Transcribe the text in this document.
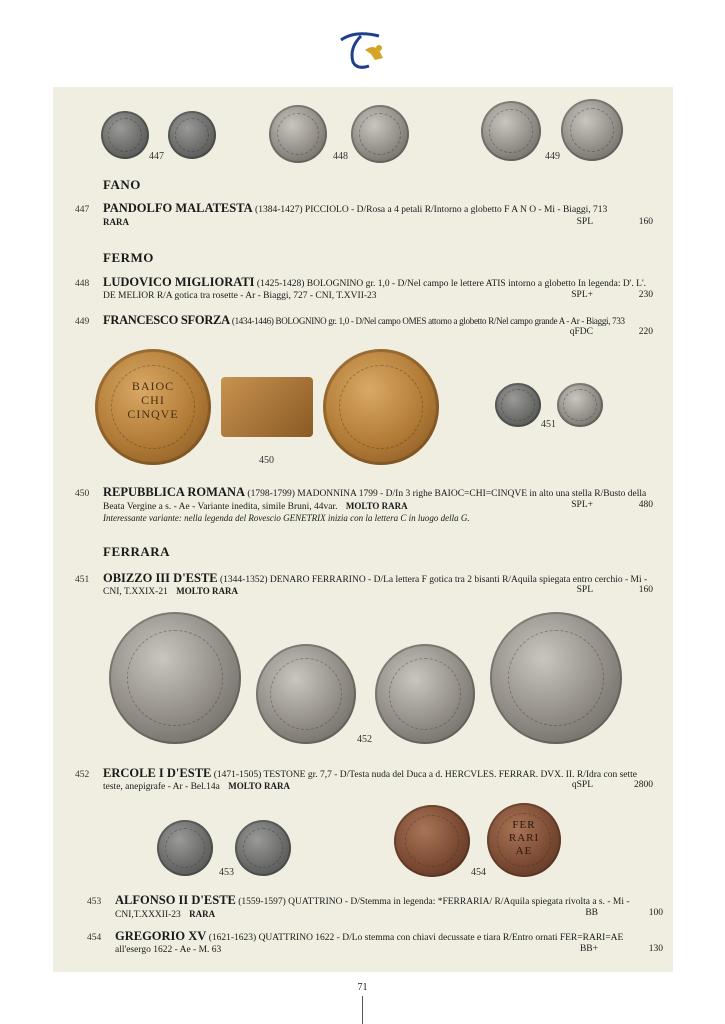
447	448	449
FANO
447 PANDOLFO MALATESTA (1384-1427) PICCIOLO - D/Rosa a 4 petali R/Intorno a globetto F A N O - Mi - Biaggi, 713
RARA	SPL	160
FERMO
448 LUDOVICO MIGLIORATI (1425-1428) BOLOGNINO gr. 1,0 - D/Nel campo le lettere ATIS intorno a globetto In legenda: D'. L'.
DE MELIOR R/A gotica tra rosette - Ar - Biaggi, 727 - CNI, T.XVII-23	SPL+	230
449 FRANCESCO SFORZA (1434-1446) BOLOGNINO gr. 1,0 - D/Nel campo OMES attorno a globetto R/Nel campo grande A - Ar - Biaggi, 733
qFDC	220
BAIOC
CHI
CINQVE
450
451
450 REPUBBLICA ROMANA (1798-1799) MADONNINA 1799 - D/In 3 righe BAIOC=CHI=CINQVE in alto una stella R/Busto della
Beata Vergine a s. - Ae - Variante inedita, simile Bruni, 44var. MOLTO RARA	SPL+	480
Interessante variante: nella legenda del Rovescio GENETRIX inizia con la lettera C in luogo della G.
FERRARA
451 OBIZZO III D'ESTE (1344-1352) DENARO FERRARINO - D/La lettera F gotica tra 2 bisanti R/Aquila spiegata entro cerchio - Mi -
CNI, T.XXIX-21 MOLTO RARA	SPL	160
452
452 ERCOLE I D'ESTE (1471-1505) TESTONE gr. 7,7 - D/Testa nuda del Duca a d. HERCVLES. FERRAR. DVX. II. R/Idra con sette
teste, anepigrafe - Ar - Bel.14a MOLTO RARA	qSPL	2800
453
FER
RARI
AE
454
453 ALFONSO II D'ESTE (1559-1597) QUATTRINO - D/Stemma in legenda: *FERRARIA/ R/Aquila spiegata rivolta a s. - Mi -
CNI,T.XXXII-23 RARA	BB	100
454 GREGORIO XV (1621-1623) QUATTRINO 1622 - D/Lo stemma con chiavi decussate e tiara R/Entro ornati FER=RARI=AE
all'esergo 1622 - Ae - M. 63	BB+	130
71
